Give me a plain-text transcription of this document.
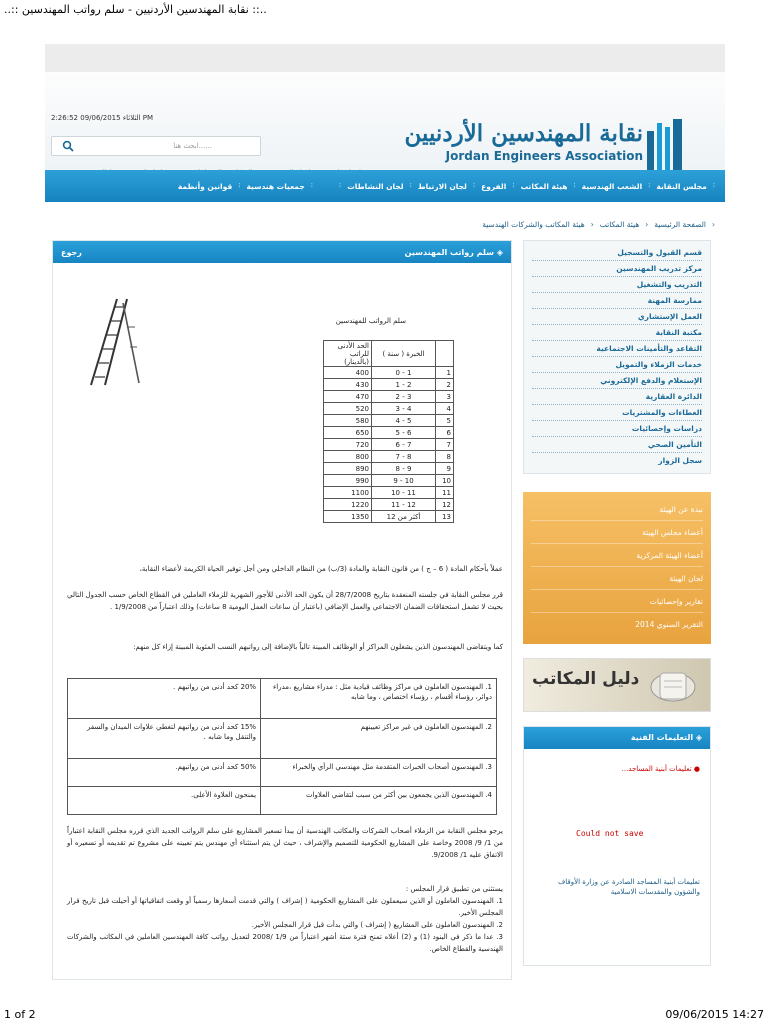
..:: نقابة المهندسين الأردنيين - سلم رواتب المهندسين ::..
الثلاثاء 09/06/2015 2:26:52 PM
ابحث هنا......	نقابة المهندسين الأردنيين
Jordan Engineers Association
⁝
مجلس النقابة
⁝
الشعب الهندسية
⁝
هيئة المكاتب
⁝
الفروع
⁝
لجان الارتباط
⁝
لجان النشاطات
⁝
⁝
جمعيات هندسية
⁝
قوانين وأنظمة
‹
الصفحة الرئيسية
‹
هيئة المكاتب
‹
هيئة المكاتب والشركات الهندسية
رجوع	سلم رواتب المهندسين ◈
سلم الرواتب للمهندسين
الحد الأدنى للراتب (بالدينار)	الخبرة ( سنة )	
400	0 - 1	1
430	1 - 2	2
470	2 - 3	3
520	3 - 4	4
580	4 - 5	5
650	5 - 6	6
720	6 - 7	7
800	7 - 8	8
890	8 - 9	9
990	9 - 10	10
1100	10 - 11	11
1220	11 - 12	12
1350	أكثر من 12	13
عملاً بأحكام المادة ( 6 – ج ) من قانون النقابة والمادة (3/ب) من النظام الداخلي ومن أجل توفير الحياة الكريمة لأعضاء النقابة،
قرر مجلس النقابة في جلسته المنعقدة بتاريخ 28/7/2008 أن يكون الحد الأدنى للأجور الشهرية للزملاء العاملين في القطاع الخاص حسب الجدول التالي بحيث لا تشمل استحقاقات الضمان الاجتماعي والعمل الإضافي (باعتبار أن ساعات العمل اليومية 8 ساعات) وذلك اعتباراً من 1/9/2008 .
كما ويتقاضى المهندسون الذين يشغلون المراكز أو الوظائف المبينة تالياً بالإضافة إلى رواتبهم النسب المئوية المبينة إزاء كل منهم:
1. المهندسون العاملون في مراكز وظائف قيادية مثل : مدراء مشاريع ،مدراء دوائر، رؤساء أقسام ، رؤساء اختصاص ، وما شابه	20% كحد أدنى من رواتبهم .
2. المهندسون العاملون في غير مراكز تعيينهم	15% كحد أدنى من رواتبهم لتغطي علاوات الميدان والسفر والتنقل وما شابه .
3. المهندسون أصحاب الخبرات المتقدمة مثل مهندسي الرأي والخبراء	50% كحد أدنى من رواتبهم.
4. المهندسون الذين يجمعون بين أكثر من سبب لتقاضي العلاوات	يمنحون العلاوة الأعلى.
يرجو مجلس النقابة من الزملاء أصحاب الشركات والمكاتب الهندسية أن يبدأ تسعير المشاريع على سلم الرواتب الجديد الذي قرره مجلس النقابة اعتباراً من 1/ 9/ 2008 وخاصة على المشاريع الحكومية للتصميم والإشراف ، حيث لن يتم استثناء أي مهندس يتم تعيينه على مشروع تم تقديمه أو تسعيره أو الاتفاق عليه 1/ 9/2008.
يستثنى من تطبيق قرار المجلس :
1. المهندسون العاملون أو الذين سيعملون على المشاريع الحكومية ( إشراف ) والتي قدمت أسعارها رسمياً أو وقعت اتفاقياتها أو أحيلت قبل تاريخ قرار المجلس الأخير.
2. المهندسون العاملون على المشاريع ( إشراف ) والتي بدأت قبل قرار المجلس الأخير.
3. عدا ما ذكر في البنود (1) و (2) أعلاه تمنح فترة ستة أشهر اعتباراً من 1/9 /2008 لتعديل رواتب كافة المهندسين العاملين في المكاتب والشركات الهندسية والقطاع الخاص.
قسم القبول والتسجيل
مركز تدريب المهندسين
التدريب والتشغيل
ممارسة المهنة
العمل الإستشاري
مكتبة النقابة
التقاعد والتأمينات الاجتماعية
خدمات الزملاء والتمويل
الإستعلام والدفع الإلكتروني
الدائرة العقارية
العطاءات والمشتريات
دراسات وإحصائيات
التأمين الصحي
سجل الزوار
نبذة عن الهيئة
أعضاء مجلس الهيئة
أعضاء الهيئة المركزية
لجان الهيئة
تقارير وإحصائيات
التقرير السنوي 2014
دليل المكاتب
◈ التعليمات الفنية
● تعليمات أبنية المساجد...
Could not save
تعليمات أبنية المساجد الصادرة عن وزارة الأوقاف والشؤون والمقدسات الاسلامية
1 of 2	09/06/2015 14:27
